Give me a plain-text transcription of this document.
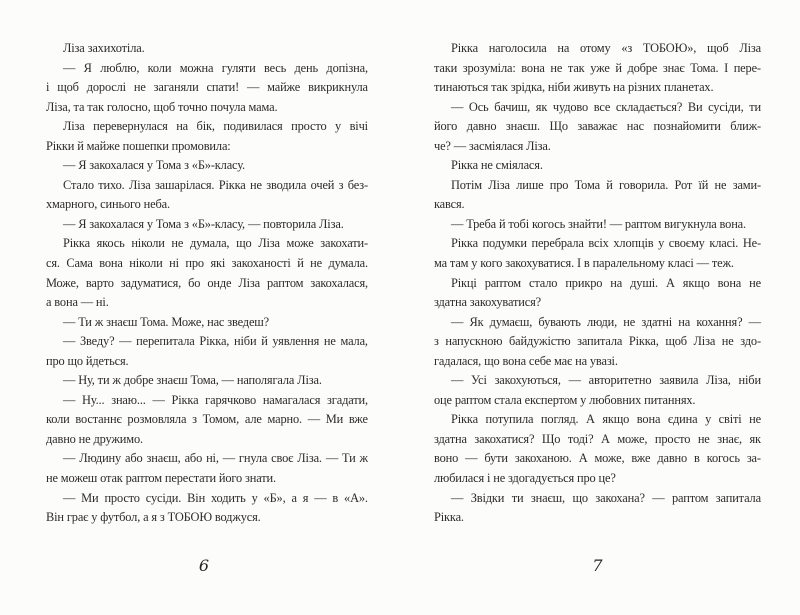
Ліза захихотіла.
— Я люблю, коли можна гуляти весь день допізна,
і щоб дорослі не заганяли спати! — майже викрикнула
Ліза, та так голосно, щоб точно почула мама.
Ліза перевернулася на бік, подивилася просто у вічі
Рікки й майже пошепки промовила:
— Я закохалася у Тома з «Б»-класу.
Стало тихо. Ліза зашарілася. Рікка не зводила очей з без-
хмарного, синього неба.
— Я закохалася у Тома з «Б»-класу, — повторила Ліза.
Рікка якось ніколи не думала, що Ліза може закохати-
ся. Сама вона ніколи ні про які закоханості й не думала.
Може, варто задуматися, бо онде Ліза раптом закохалася,
а вона — ні.
— Ти ж знаєш Тома. Може, нас зведеш?
— Зведу? — перепитала Рікка, ніби й уявлення не мала,
про що йдеться.
— Ну, ти ж добре знаєш Тома, — наполягала Ліза.
— Ну... знаю... — Рікка гарячково намагалася згадати,
коли востаннє розмовляла з Томом, але марно. — Ми вже
давно не дружимо.
— Людину або знаєш, або ні, — гнула своє Ліза. — Ти ж
не можеш отак раптом перестати його знати.
— Ми просто сусіди. Він ходить у «Б», а я — в «А».
Він грає у футбол, а я з ТОБОЮ воджуся.
Рікка наголосила на отому «з ТОБОЮ», щоб Ліза
таки зрозуміла: вона не так уже й добре знає Тома. І пере-
тинаються так зрідка, ніби живуть на різних планетах.
— Ось бачиш, як чудово все складається? Ви сусіди, ти
його давно знаєш. Що заважає нас познайомити ближ-
че? — засміялася Ліза.
Рікка не сміялася.
Потім Ліза лише про Тома й говорила. Рот їй не зами-
кався.
— Треба й тобі когось знайти! — раптом вигукнула вона.
Рікка подумки перебрала всіх хлопців у своєму класі. Не-
ма там у кого закохуватися. І в паралельному класі — теж.
Рікці раптом стало прикро на душі. А якщо вона не
здатна закохуватися?
— Як думаєш, бувають люди, не здатні на кохання? —
з напускною байдужістю запитала Рікка, щоб Ліза не здо-
гадалася, що вона себе має на увазі.
— Усі закохуються, — авторитетно заявила Ліза, ніби
оце раптом стала експертом у любовних питаннях.
Рікка потупила погляд. А якщо вона єдина у світі не
здатна закохатися? Що тоді? А може, просто не знає, як
воно — бути закоханою. А може, вже давно в когось за-
любилася і не здогадується про це?
— Звідки ти знаєш, що закохана? — раптом запитала
Рікка.
6	7
